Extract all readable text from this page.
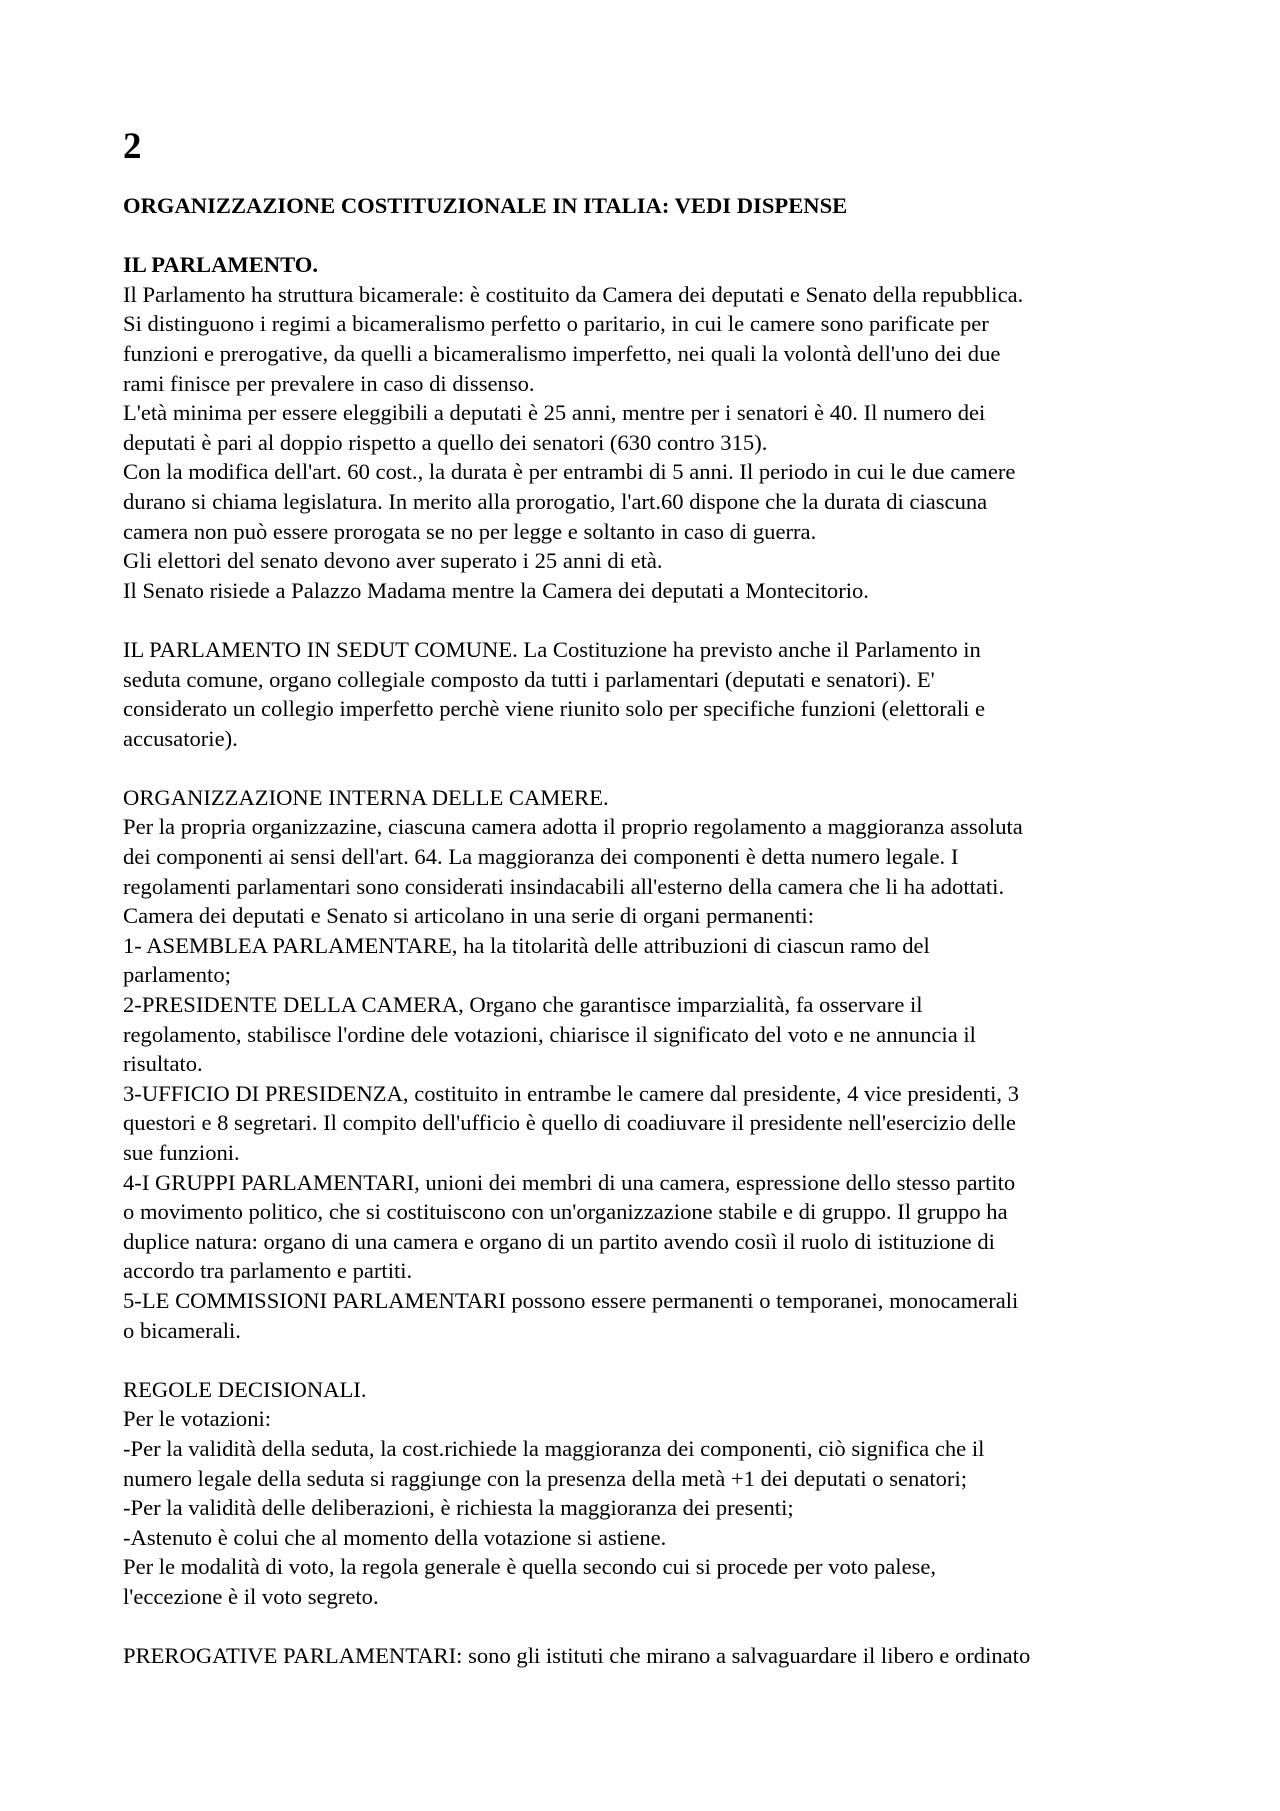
2

ORGANIZZAZIONE COSTITUZIONALE IN ITALIA: VEDI DISPENSE

IL PARLAMENTO.

Il Parlamento ha struttura bicamerale: è costituito da Camera dei deputati e Senato della repubblica.

Si distinguono i regimi a bicameralismo perfetto o paritario, in cui le camere sono parificate per

funzioni e prerogative, da quelli a bicameralismo imperfetto, nei quali la volontà dell'uno dei due

rami finisce per prevalere in caso di dissenso.

L'età minima per essere eleggibili a deputati è 25 anni, mentre per i senatori è 40. Il numero dei

deputati è pari al doppio rispetto a quello dei senatori (630 contro 315).

Con la modifica dell'art. 60 cost., la durata è per entrambi di 5 anni. Il periodo in cui le due camere

durano si chiama legislatura. In merito alla prorogatio, l'art.60 dispone che la durata di ciascuna

camera non può essere prorogata se no per legge e soltanto in caso di guerra.

Gli elettori del senato devono aver superato i 25 anni di età.

Il Senato risiede a Palazzo Madama mentre la Camera dei deputati a Montecitorio.

IL PARLAMENTO IN SEDUT COMUNE. La Costituzione ha previsto anche il Parlamento in

seduta comune, organo collegiale composto da tutti i parlamentari (deputati e senatori). E'

considerato un collegio imperfetto perchè viene riunito solo per specifiche funzioni (elettorali e

accusatorie).

ORGANIZZAZIONE INTERNA DELLE CAMERE.

Per la propria organizzazine, ciascuna camera adotta il proprio regolamento a maggioranza assoluta

dei componenti ai sensi dell'art. 64. La maggioranza dei componenti è detta numero legale. I

regolamenti parlamentari sono considerati insindacabili all'esterno della camera che li ha adottati.

Camera dei deputati e Senato si articolano in una serie di organi permanenti:

1- ASEMBLEA PARLAMENTARE, ha la titolarità delle attribuzioni di ciascun ramo del

parlamento;

2-PRESIDENTE DELLA CAMERA, Organo che garantisce imparzialità, fa osservare il

regolamento, stabilisce l'ordine dele votazioni, chiarisce il significato del voto e ne annuncia il

risultato.

3-UFFICIO DI PRESIDENZA, costituito in entrambe le camere dal presidente, 4 vice presidenti, 3

questori e 8 segretari. Il compito dell'ufficio è quello di coadiuvare il presidente nell'esercizio delle

sue funzioni.

4-I GRUPPI PARLAMENTARI, unioni dei membri di una camera, espressione dello stesso partito

o movimento politico, che si costituiscono con un'organizzazione stabile e di gruppo. Il gruppo ha

duplice natura: organo di una camera e organo di un partito avendo cosiì il ruolo di istituzione di

accordo tra parlamento e partiti.

5-LE COMMISSIONI PARLAMENTARI possono essere permanenti o temporanei, monocamerali

o bicamerali.

REGOLE DECISIONALI.

Per le votazioni:

-Per la validità della seduta, la cost.richiede la maggioranza dei componenti, ciò significa che il

numero legale della seduta si raggiunge con la presenza della metà +1 dei deputati o senatori;

-Per la validità delle deliberazioni, è richiesta la maggioranza dei presenti;

-Astenuto è colui che al momento della votazione si astiene.

Per le modalità di voto, la regola generale è quella secondo cui si procede per voto palese,

l'eccezione è il voto segreto.

PREROGATIVE PARLAMENTARI: sono gli istituti che mirano a salvaguardare il libero e ordinato
